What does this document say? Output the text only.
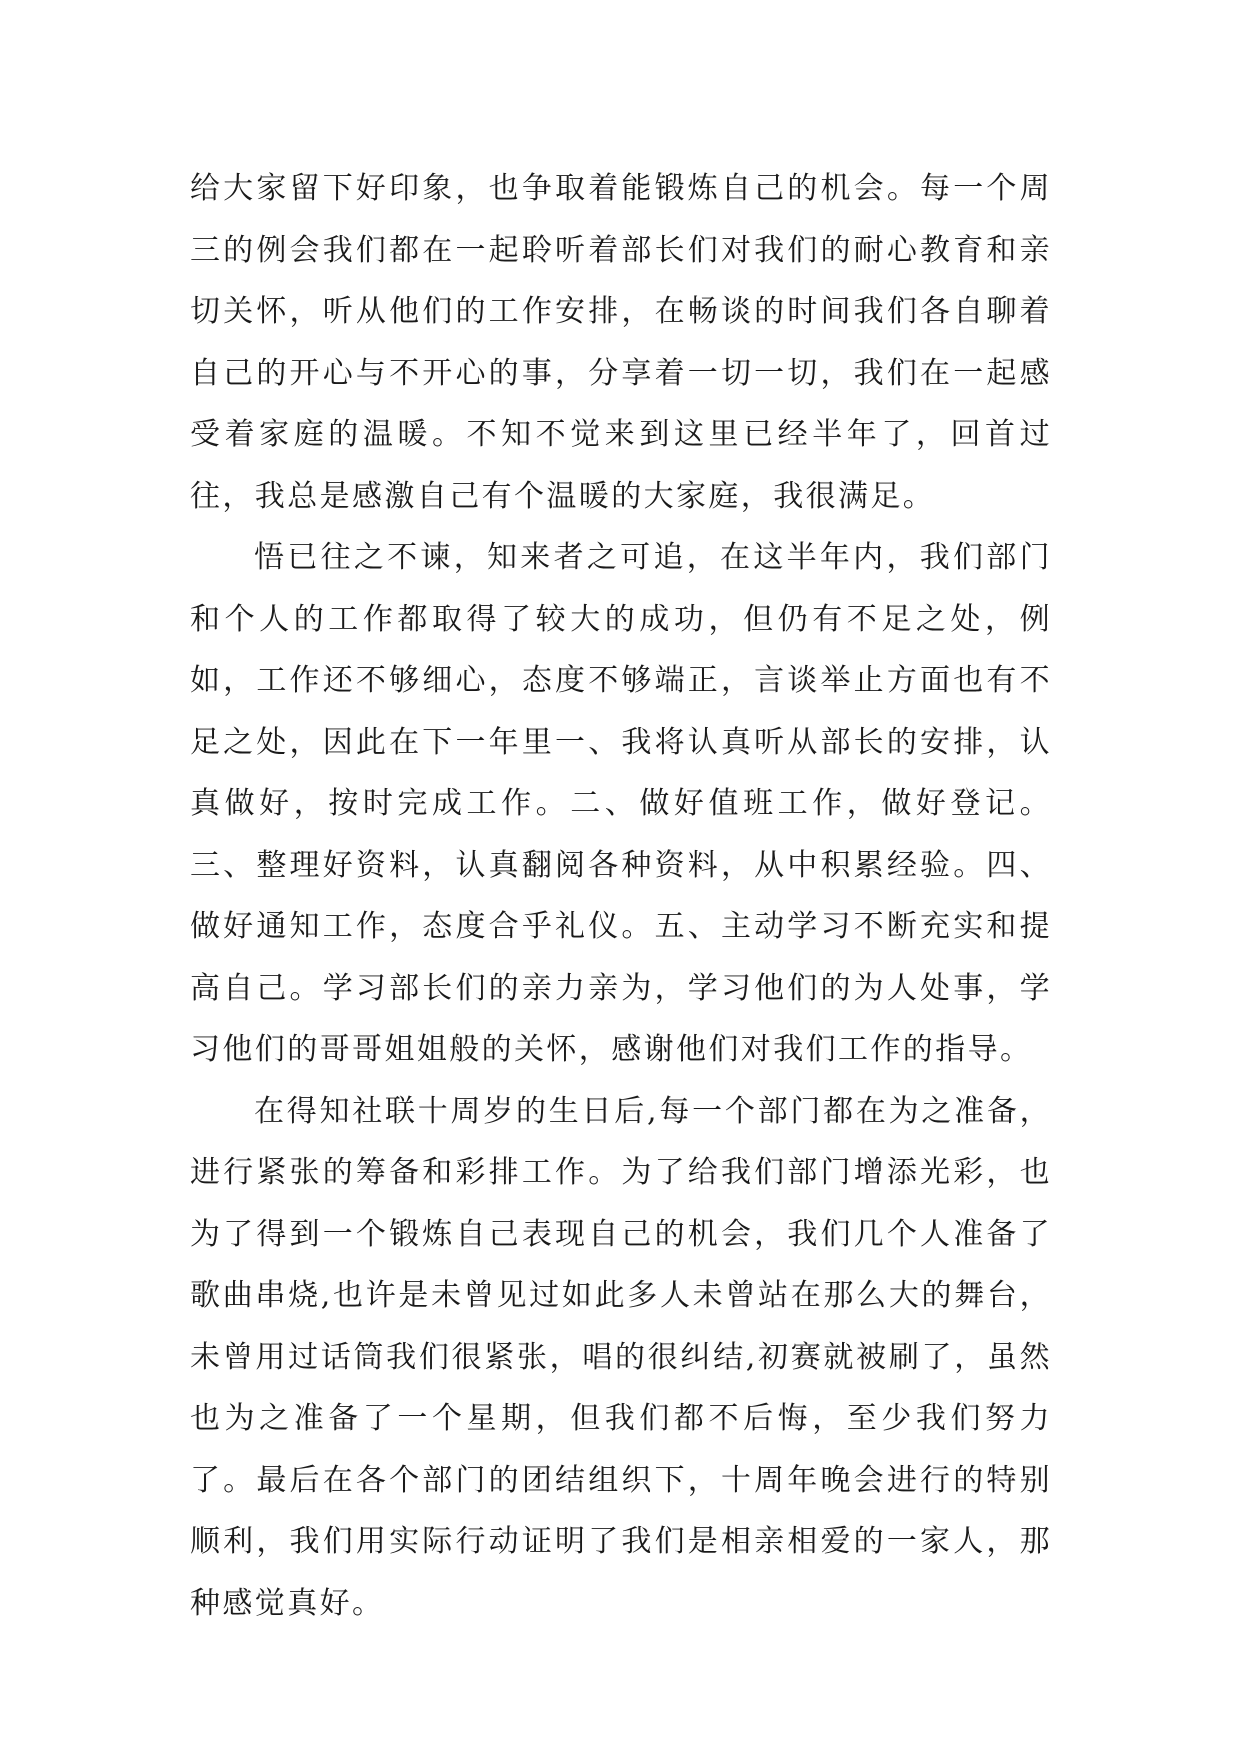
给大家留下好印象，也争取着能锻炼自己的机会。每一个周三的例会我们都在一起聆听着部长们对我们的耐心教育和亲切关怀，听从他们的工作安排，在畅谈的时间我们各自聊着自己的开心与不开心的事，分享着一切一切，我们在一起感受着家庭的温暖。不知不觉来到这里已经半年了，回首过往，我总是感激自己有个温暖的大家庭，我很满足。

悟已往之不谏，知来者之可追，在这半年内，我们部门和个人的工作都取得了较大的成功，但仍有不足之处，例如，工作还不够细心，态度不够端正，言谈举止方面也有不足之处，因此在下一年里一、我将认真听从部长的安排，认真做好，按时完成工作。二、做好值班工作，做好登记。三、整理好资料，认真翻阅各种资料，从中积累经验。四、做好通知工作，态度合乎礼仪。五、主动学习不断充实和提高自己。学习部长们的亲力亲为，学习他们的为人处事，学习他们的哥哥姐姐般的关怀，感谢他们对我们工作的指导。

在得知社联十周岁的生日后,每一个部门都在为之准备，进行紧张的筹备和彩排工作。为了给我们部门增添光彩，也为了得到一个锻炼自己表现自己的机会，我们几个人准备了歌曲串烧,也许是未曾见过如此多人未曾站在那么大的舞台，未曾用过话筒我们很紧张，唱的很纠结,初赛就被刷了，虽然也为之准备了一个星期，但我们都不后悔，至少我们努力了。最后在各个部门的团结组织下，十周年晚会进行的特别顺利，我们用实际行动证明了我们是相亲相爱的一家人，那种感觉真好。
